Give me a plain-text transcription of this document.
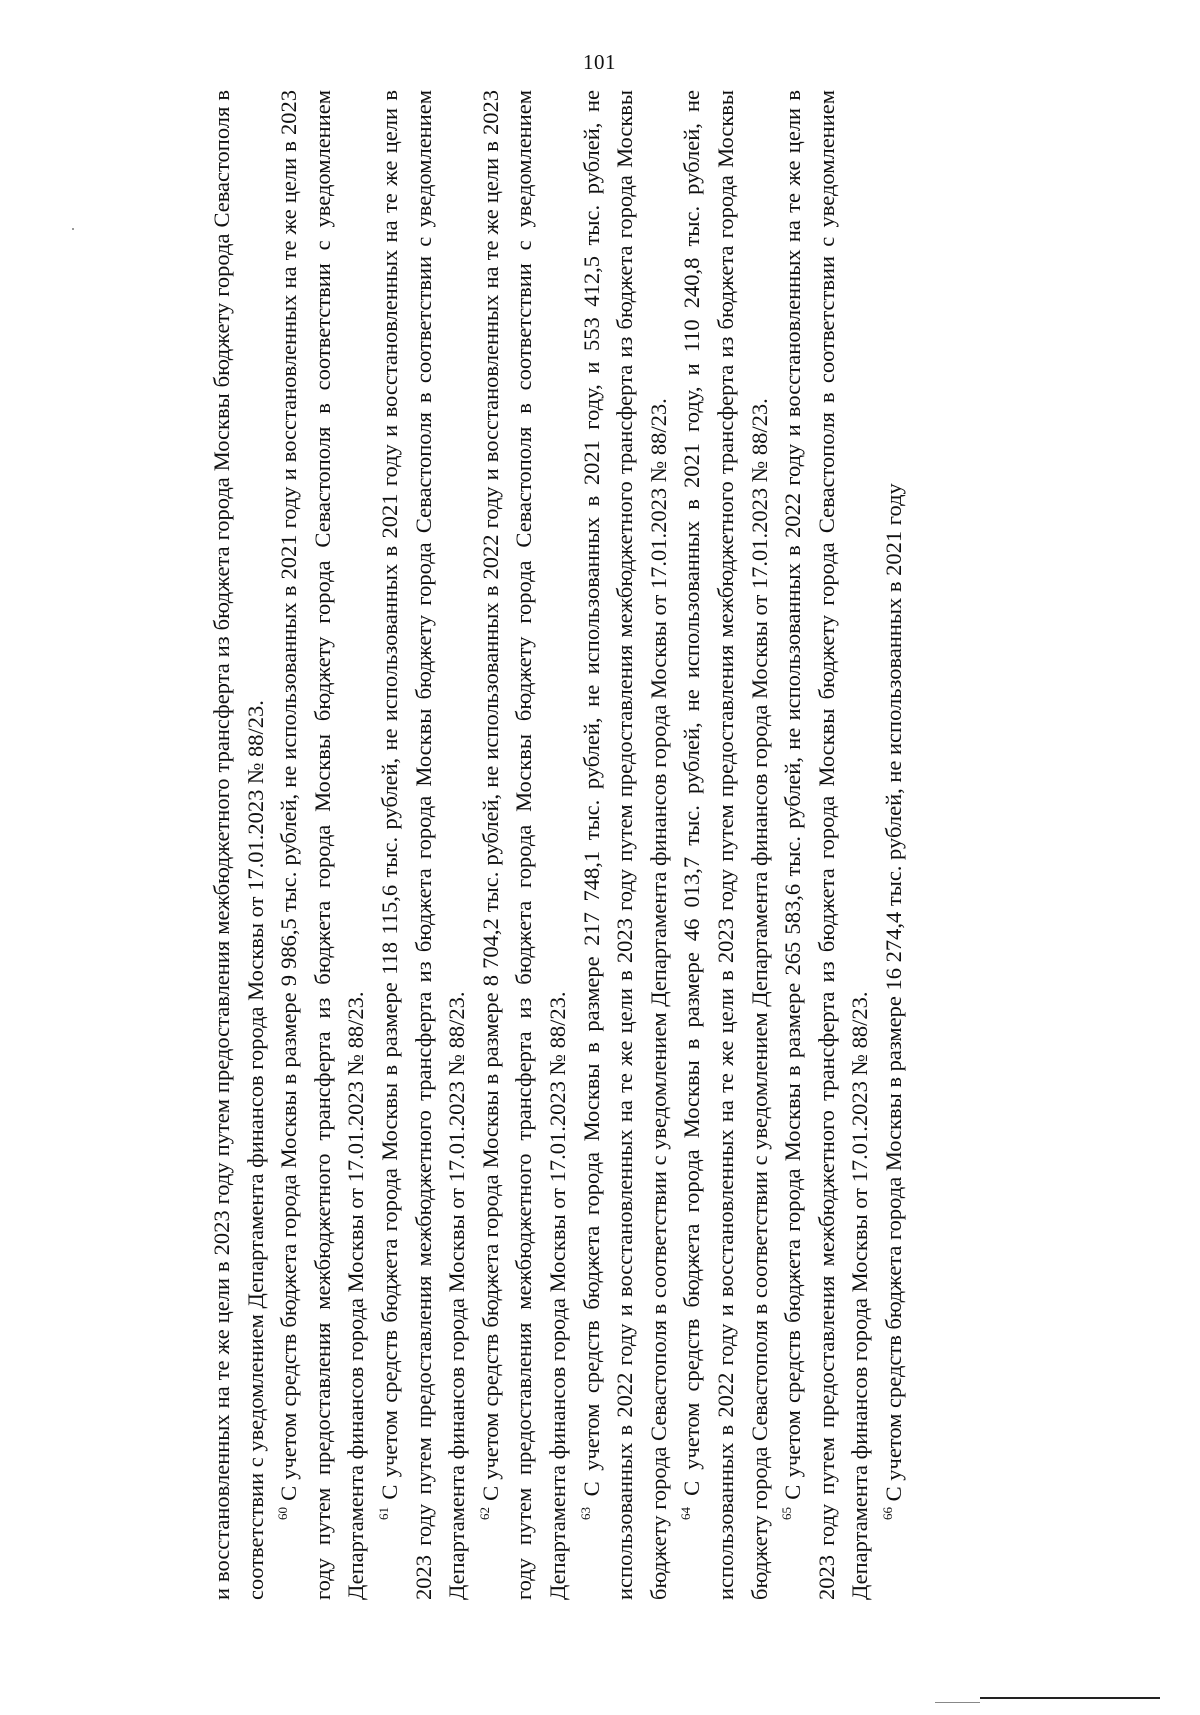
101

и восстановленных на те же цели в 2023 году путем предоставления межбюджетного трансферта из бюджета города Москвы бюджету города Севастополя в соответствии с уведомлением Департамента финансов города Москвы от 17.01.2023 № 88/23. $^{60}$ С учетом средств бюджета города Москвы в размере 9 986,5 тыс. рублей, не использованных в 2021 году и восстановленных на те же цели в 2023 году путем предоставления межбюджетного трансферта из бюджета города Москвы бюджету города Севастополя в соответствии с уведомлением Департамента финансов города Москвы от 17.01.2023 № 88/23. $^{61}$ С учетом средств бюджета города Москвы в размере 118 115,6 тыс. рублей, не использованных в 2021 году и восстановленных на те же цели в 2023 году путем предоставления межбюджетного трансферта из бюджета города Москвы бюджету города Севастополя в соответствии с уведомлением Департамента финансов города Москвы от 17.01.2023 № 88/23. $^{62}$ С учетом средств бюджета города Москвы в размере 8 704,2 тыс. рублей, не использованных в 2022 году и восстановленных на те же цели в 2023 году путем предоставления межбюджетного трансферта из бюджета города Москвы бюджету города Севастополя в соответствии с уведомлением Департамента финансов города Москвы от 17.01.2023 № 88/23. $^{63}$ С учетом средств бюджета города Москвы в размере 217 748,1 тыс. рублей, не использованных в 2021 году, и 553 412,5 тыс. рублей, не использованных в 2022 году и восстановленных на те же цели в 2023 году путем предоставления межбюджетного трансферта из бюджета города Москвы бюджету города Севастополя в соответствии с уведомлением Департамента финансов города Москвы от 17.01.2023 № 88/23. $^{64}$ С учетом средств бюджета города Москвы в размере 46 013,7 тыс. рублей, не использованных в 2021 году, и 110 240,8 тыс. рублей, не использованных в 2022 году и восстановленных на те же цели в 2023 году путем предоставления межбюджетного трансферта из бюджета города Москвы бюджету города Севастополя в соответствии с уведомлением Департамента финансов города Москвы от 17.01.2023 № 88/23. $^{65}$ С учетом средств бюджета города Москвы в размере 265 583,6 тыс. рублей, не использованных в 2022 году и восстановленных на те же цели в 2023 году путем предоставления межбюджетного трансферта из бюджета города Москвы бюджету города Севастополя в соответствии с уведомлением Департамента финансов города Москвы от 17.01.2023 № 88/23. $^{66}$ С учетом средств бюджета города Москвы в размере 16 274,4 тыс. рублей, не использованных в 2021 году
